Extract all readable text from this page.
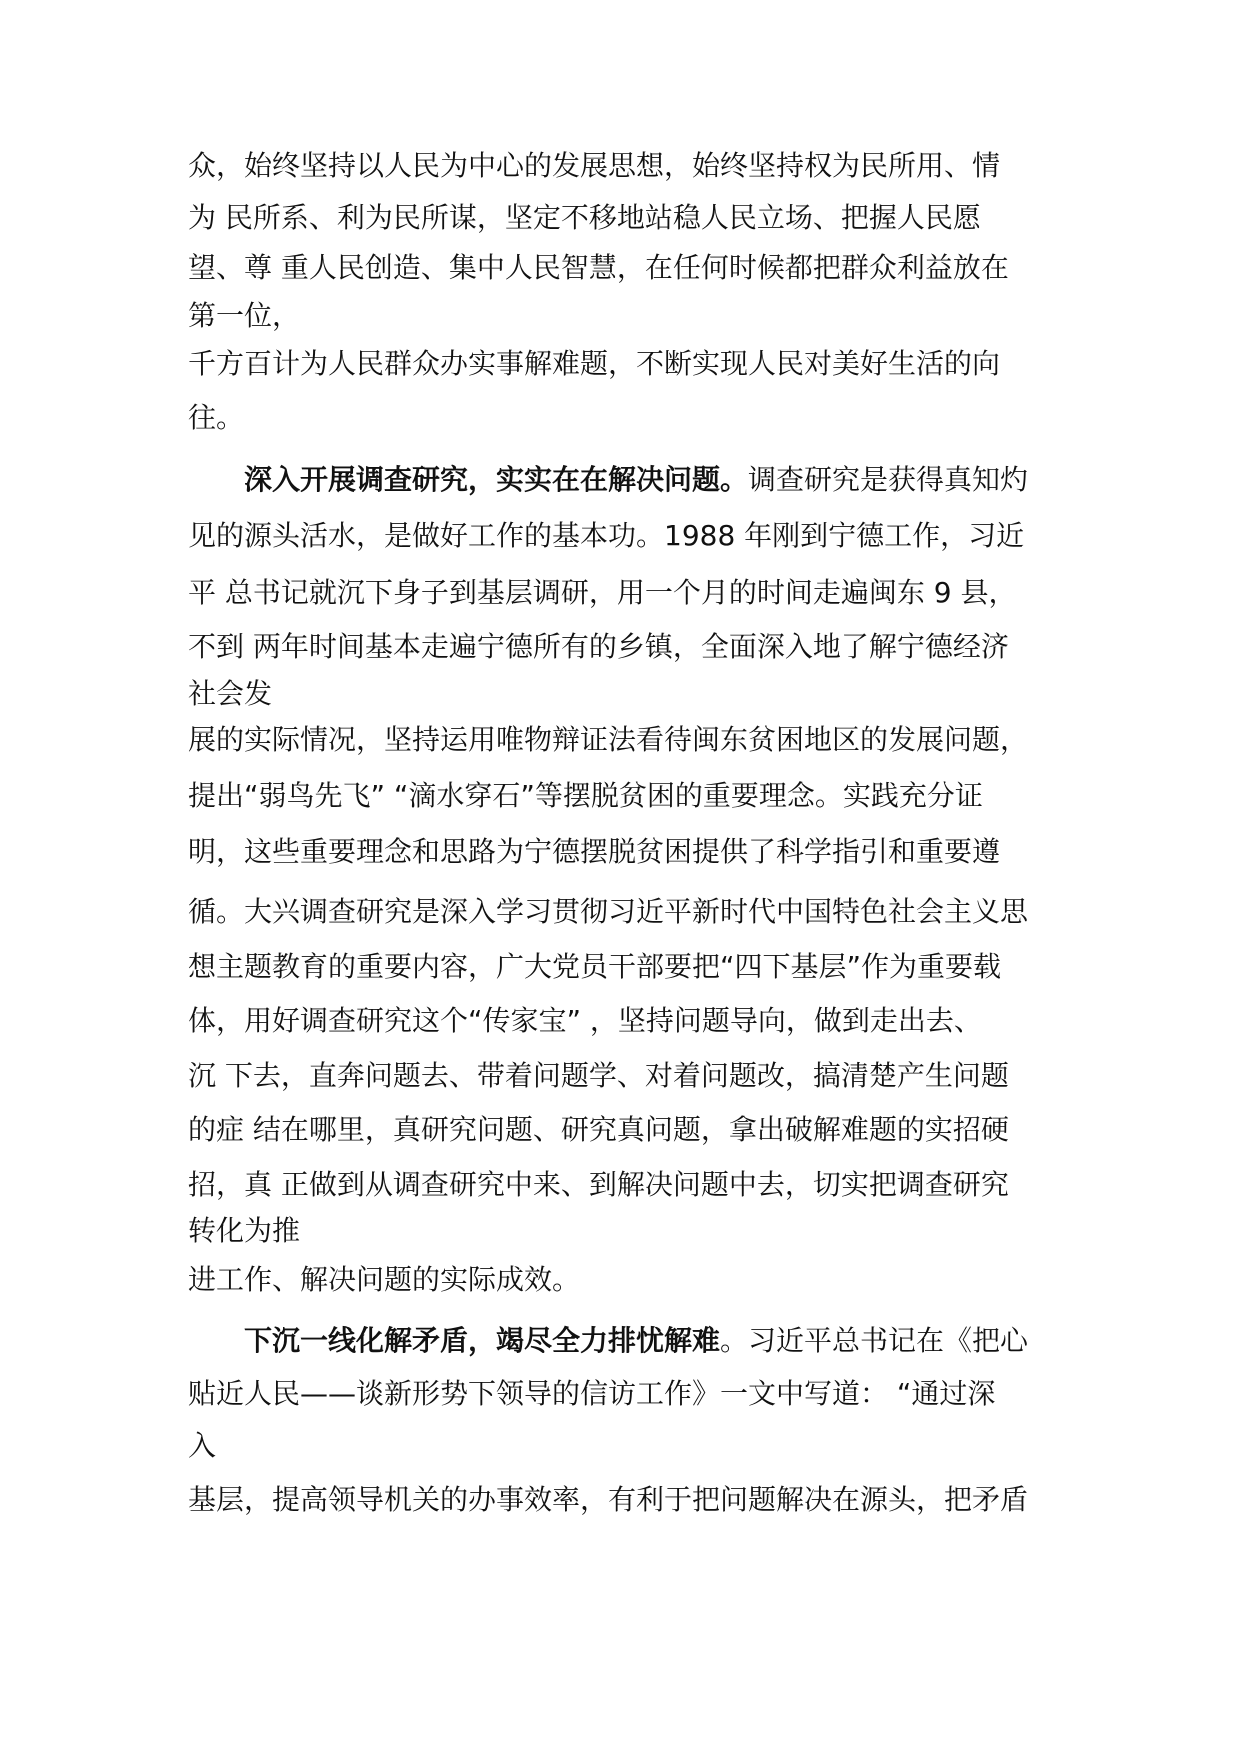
众，始终坚持以人民为中心的发展思想，始终坚持权为民所用、情
为 民所系、利为民所谋，坚定不移地站稳人民立场、把握人民愿
望、尊 重人民创造、集中人民智慧，在任何时候都把群众利益放在
第一位，
千方百计为人民群众办实事解难题，不断实现人民对美好生活的向
往。
深入开展调查研究，实实在在解决问题。调查研究是获得真知灼
见的源头活水，是做好工作的基本功。1988 年刚到宁德工作，习近
平 总书记就沉下身子到基层调研，用一个月的时间走遍闽东 9 县，
不到 两年时间基本走遍宁德所有的乡镇，全面深入地了解宁德经济
社会发
展的实际情况，坚持运用唯物辩证法看待闽东贫困地区的发展问题，
提出“弱鸟先飞” “滴水穿石”等摆脱贫困的重要理念。实践充分证
明，这些重要理念和思路为宁德摆脱贫困提供了科学指引和重要遵
循。大兴调查研究是深入学习贯彻习近平新时代中国特色社会主义思
想主题教育的重要内容，广大党员干部要把“四下基层”作为重要载
体，用好调查研究这个“传家宝” ，坚持问题导向，做到走出去、
沉 下去，直奔问题去、带着问题学、对着问题改，搞清楚产生问题
的症 结在哪里，真研究问题、研究真问题，拿出破解难题的实招硬
招，真 正做到从调查研究中来、到解决问题中去，切实把调查研究
转化为推
进工作、解决问题的实际成效。
下沉一线化解矛盾，竭尽全力排忧解难。习近平总书记在《把心
贴近人民——谈新形势下领导的信访工作》一文中写道： “通过深
入
基层，提高领导机关的办事效率，有利于把问题解决在源头，把矛盾
